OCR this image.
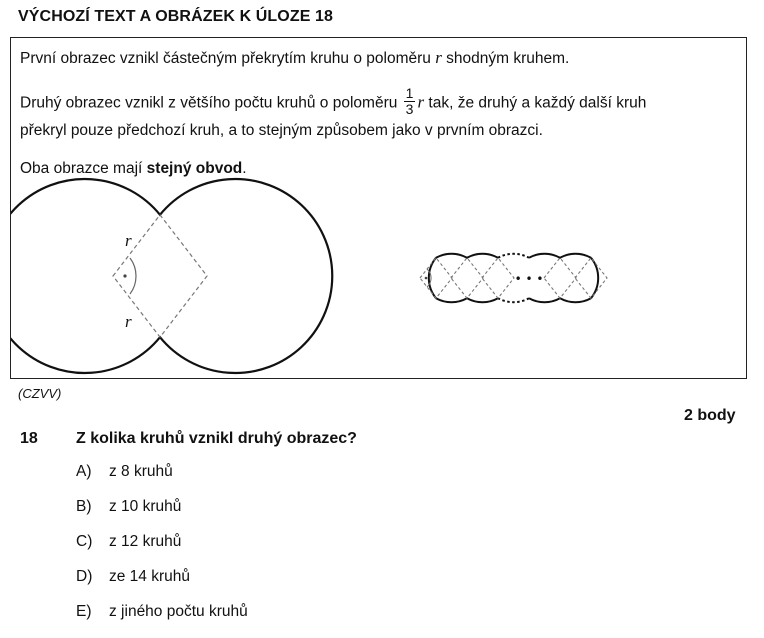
VÝCHOZÍ TEXT A OBRÁZEK K ÚLOZE 18
První obrazec vznikl částečným překrytím kruhu o poloměru r shodným kruhem.
Druhý obrazec vznikl z většího počtu kruhů o poloměru $\frac{1}{3}$ r tak, že druhý a každý další kruh
překryl pouze předchozí kruh, a to stejným způsobem jako v prvním obrazci.
Oba obrazce mají stejný obvod.
r
r
• • •
(CZVV)
2 body
18 Z kolika kruhů vznikl druhý obrazec?
A)	z 8 kruhů
B)	z 10 kruhů
C)	z 12 kruhů
D)	ze 14 kruhů
E)	z jiného počtu kruhů
